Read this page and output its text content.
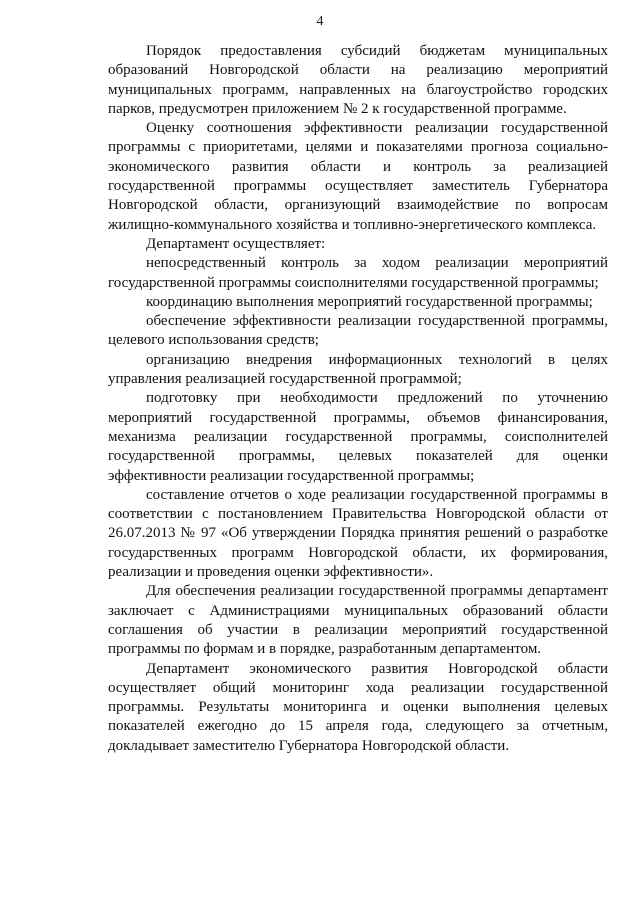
4

Порядок предоставления субсидий бюджетам муниципальных образований Новгородской области на реализацию мероприятий муниципальных программ, направленных на благоустройство городских парков, предусмотрен приложением № 2 к государственной программе.

Оценку соотношения эффективности реализации государственной программы с приоритетами, целями и показателями прогноза социально-экономического развития области и контроль за реализацией государственной программы осуществляет заместитель Губернатора Новгородской области, организующий взаимодействие по вопросам жилищно-коммунального хозяйства и топливно-энергетического комплекса.

Департамент осуществляет:

непосредственный контроль за ходом реализации мероприятий государственной программы соисполнителями государственной программы;

координацию выполнения мероприятий государственной программы;

обеспечение эффективности реализации государственной программы, целевого использования средств;

организацию внедрения информационных технологий в целях управления реализацией государственной программой;

подготовку при необходимости предложений по уточнению мероприятий государственной программы, объемов финансирования, механизма реализации государственной программы, соисполнителей государственной программы, целевых показателей для оценки эффективности реализации государственной программы;

составление отчетов о ходе реализации государственной программы в соответствии с постановлением Правительства Новгородской области от 26.07.2013 № 97 «Об утверждении Порядка принятия решений о разработке государственных программ Новгородской области, их формирования, реализации и проведения оценки эффективности».

Для обеспечения реализации государственной программы департамент заключает с Администрациями муниципальных образований области соглашения об участии в реализации мероприятий государственной программы по формам и в порядке, разработанным департаментом.

Департамент экономического развития Новгородской области осуществляет общий мониторинг хода реализации государственной программы. Результаты мониторинга и оценки выполнения целевых показателей ежегодно до 15 апреля года, следующего за отчетным, докладывает заместителю Губернатора Новгородской области.
